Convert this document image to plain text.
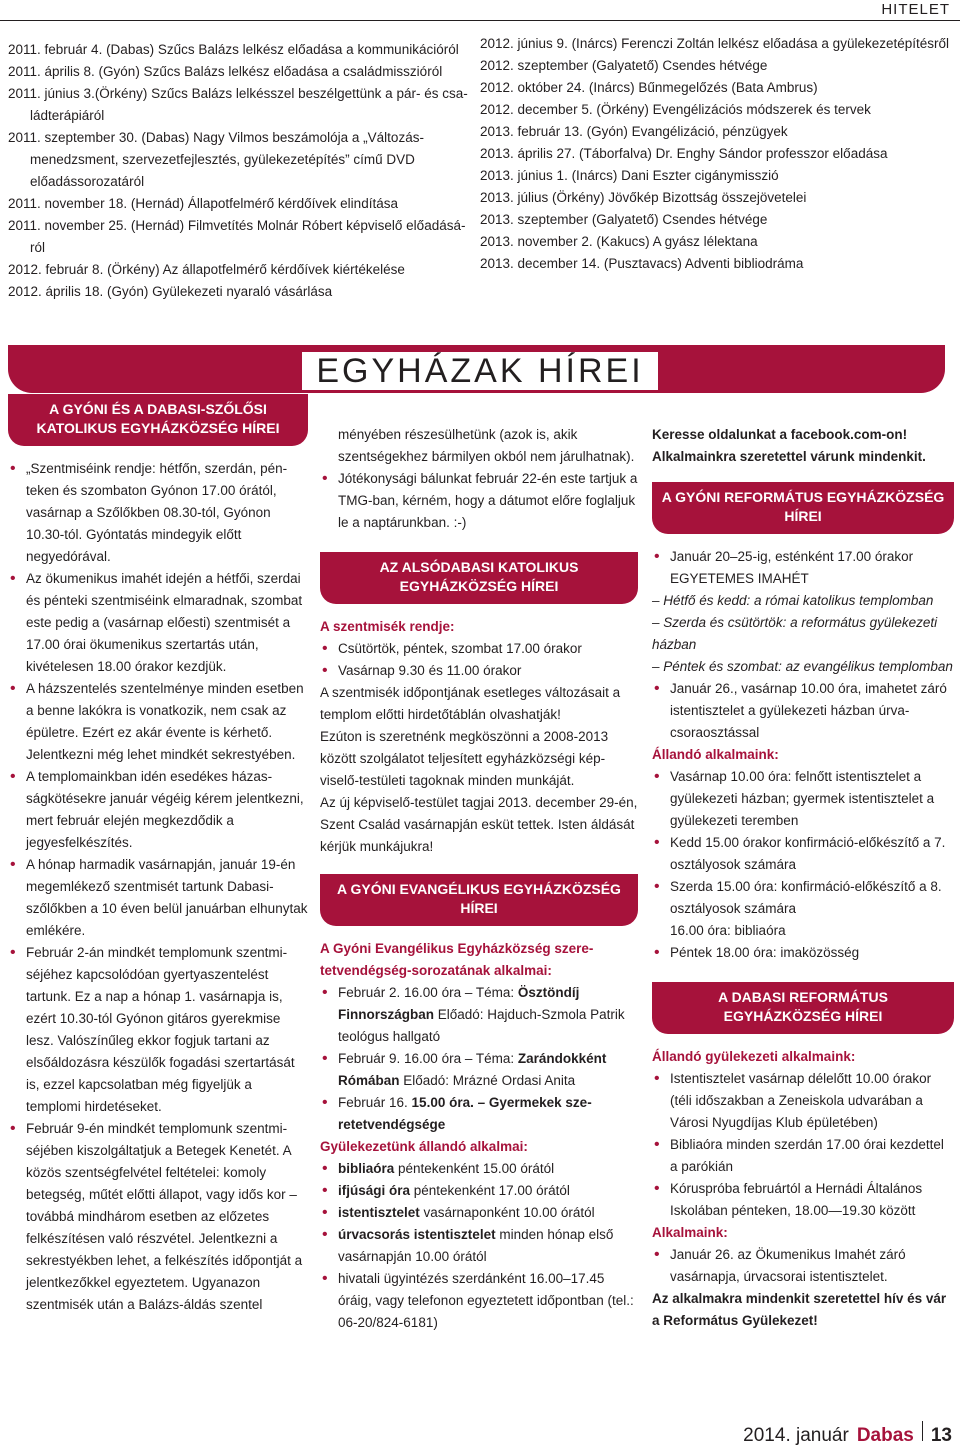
HITELET

2011. február 4. (Dabas) Szűcs Balázs lelkész előadása a kommunikációról

2011. április 8. (Gyón) Szűcs Balázs lelkész előadása a családmisszióról

2011. június 3.(Örkény) Szűcs Balázs lelkésszel beszélgettünk a pár- és családterápiáról

2011. szeptember 30. (Dabas) Nagy Vilmos beszámolója a „Változásmenedzsment, szervezetfejlesztés, gyülekezetépítés” című DVD előadássorozatáról

2011. november 18. (Hernád) Állapotfelmérő kérdőívek elindítása

2011. november 25. (Hernád) Filmvetítés Molnár Róbert képviselő előadásáról

2012. február 8. (Örkény) Az állapotfelmérő kérdőívek kiértékelése

2012. április 18. (Gyón) Gyülekezeti nyaraló vásárlása

2012. június 9. (Inárcs) Ferenczi Zoltán lelkész előadása a gyülekezetépítésről

2012. szeptember (Galyatető) Csendes hétvége

2012. október 24. (Inárcs) Bűnmegelőzés (Bata Ambrus)

2012. december 5. (Örkény) Evengélizációs módszerek és tervek

2013. február 13. (Gyón) Evangélizáció, pénzügyek

2013. április 27. (Táborfalva) Dr. Enghy Sándor professzor előadása

2013. június 1. (Inárcs) Dani Eszter cigánymisszió

2013. július (Örkény) Jövőkép Bizottság összejövetelei

2013. szeptember (Galyatető) Csendes hétvége

2013. november 2. (Kakucs) A gyász lélektana

2013. december 14. (Pusztavacs) Adventi bibliodráma

EGYHÁZAK HÍREI
A GYÓNI ÉS A DABASI-SZŐLŐSI KATOLIKUS EGYHÁZKÖZSÉG HÍREI
• „Szentmiséink rendje: hétfőn, szerdán, pénteken és szombaton Gyónon 17.00 órától, vasárnap a Szőlőkben 08.30-tól, Gyónon 10.30-tól. Gyóntatás mindegyik előtt negyedórával.
• Az ökumenikus imahét idején a hétfői, szerdai és pénteki szentmiséink elmaradnak, szombat este pedig a (vasárnap előesti) szentmisét a 17.00 órai ökumenikus szertartás után, kivételesen 18.00 órakor kezdjük.
• A házszentelés szentelménye minden esetben a benne lakókra is vonatkozik, nem csak az épületre. Ezért ez akár évente is kérhető. Jelentkezni még lehet mindkét sekrestyében.
• A templomainkban idén esedékes házasságkötésekre január végéig kérem jelentkezni, mert február elején megkezdődik a jegyesfelkészítés.
• A hónap harmadik vasárnapján, január 19-én megemlékező szentmisét tartunk Dabasi-szőlőkben a 10 éven belül januárban elhunytak emlékére.
• Február 2-án mindkét templomunk szentmiséjéhez kapcsolódóan gyertyaszentelést tartunk. Ez a nap a hónap 1. vasárnapja is, ezért 10.30-tól Gyónon gitáros gyerekmise lesz. Valószínűleg ekkor fogjuk tartani az elsőáldozásra készülők fogadási szertartását is, ezzel kapcsolatban még figyeljük a templomi hirdetéseket.
• Február 9-én mindkét templomunk szentmiséjében kiszolgáltatjuk a Betegek Kenetét. A közös szentségfelvétel feltételei: komoly betegség, műtét előtti állapot, vagy idős kor – továbbá mindhárom esetben az előzetes felkészítésen való részvétel. Jelentkezni a sekrestyékben lehet, a felkészítés időpontját a jelentkezőkkel egyeztetem. Ugyanazon szentmisék után a Balázs-áldás szentel

ményében részesülhetünk (azok is, akik szentségekhez bármilyen okból nem járulhatnak).

• Jótékonysági bálunkat február 22-én este tartjuk a TMG-ban, kérném, hogy a dátumot előre foglaljuk le a naptárunkban. :-)
AZ ALSÓDABASI KATOLIKUS EGYHÁZKÖZSÉG HÍREI

A szentmisék rendje:

• Csütörtök, péntek, szombat 17.00 órakor
• Vasárnap 9.30 és 11.00 órakor

A szentmisék időpontjának esetleges változásait a templom előtti hirdetőtáblán olvashatják!

Ezúton is szeretnénk megköszönni a 2008-2013 között szolgálatot teljesített egyházközségi képviselő-testületi tagoknak minden munkáját.

Az új képviselő-testület tagjai 2013. december 29-én, Szent Család vasárnapján esküt tettek. Isten áldását kérjük munkájukra!

A GYÓNI EVANGÉLIKUS EGYHÁZKÖZSÉG HÍREI

A Gyóni Evangélikus Egyházközség szeretetvendégség-sorozatának alkalmai:

• Február 2. 16.00 óra – Téma: Ösztöndíj Finnországban Előadó: Hajduch-Szmola Patrik teológus hallgató
• Február 9. 16.00 óra – Téma: Zarándokként Rómában Előadó: Mrázné Ordasi Anita
• Február 16. 15.00 óra. – Gyermekek szeretetvendégsége

Gyülekezetünk állandó alkalmai:

• bibliaóra péntekenként 15.00 órától
• ifjúsági óra péntekenként 17.00 órától
• istentisztelet vasárnaponként 10.00 órától
• úrvacsorás istentisztelet minden hónap első vasárnapján 10.00 órától
• hivatali ügyintézés szerdánként 16.00–17.45 óráig, vagy telefonon egyeztetett időpontban (tel.: 06-20/824-6181)

Keresse oldalunkat a facebook.com-on! Alkalmainkra szeretettel várunk mindenkit.

A GYÓNI REFORMÁTUS EGYHÁZKÖZSÉG HÍREI
• Január 20–25-ig, esténként 17.00 órakor
EGYETEMES IMAHÉT

– Hétfő és kedd: a római katolikus templomban

– Szerda és csütörtök: a református gyülekezeti házban

– Péntek és szombat: az evangélikus templomban

• Január 26., vasárnap 10.00 óra, imahetet záró istentisztelet a gyülekezeti házban úrvacsoraosztással

Állandó alkalmaink:

• Vasárnap 10.00 óra: felnőtt istentisztelet a gyülekezeti házban; gyermek istentisztelet a gyülekezeti teremben
• Kedd 15.00 órakor konfirmáció-előkészítő a 7. osztályosok számára
• Szerda 15.00 óra: konfirmáció-előkészítő a 8. osztályosok számára

16.00 óra: bibliaóra

• Péntek 18.00 óra: imaközösség
A DABASI REFORMÁTUS EGYHÁZKÖZSÉG HÍREI

Állandó gyülekezeti alkalmaink:

• Istentisztelet vasárnap délelőtt 10.00 órakor (téli időszakban a Zeneiskola udvarában a Városi Nyugdíjas Klub épületében)
• Bibliaóra minden szerdán 17.00 órai kezdettel a parókián
• Kóruspróba februártól a Hernádi Általános Iskolában pénteken, 18.00—19.30 között

Alkalmaink:

• Január 26. az Ökumenikus Imahét záró vasárnapja, úrvacsorai istentisztelet.

Az alkalmakra mindenkit szeretettel hív és vár a Református Gyülekezet!

2014. január Dabas 13
